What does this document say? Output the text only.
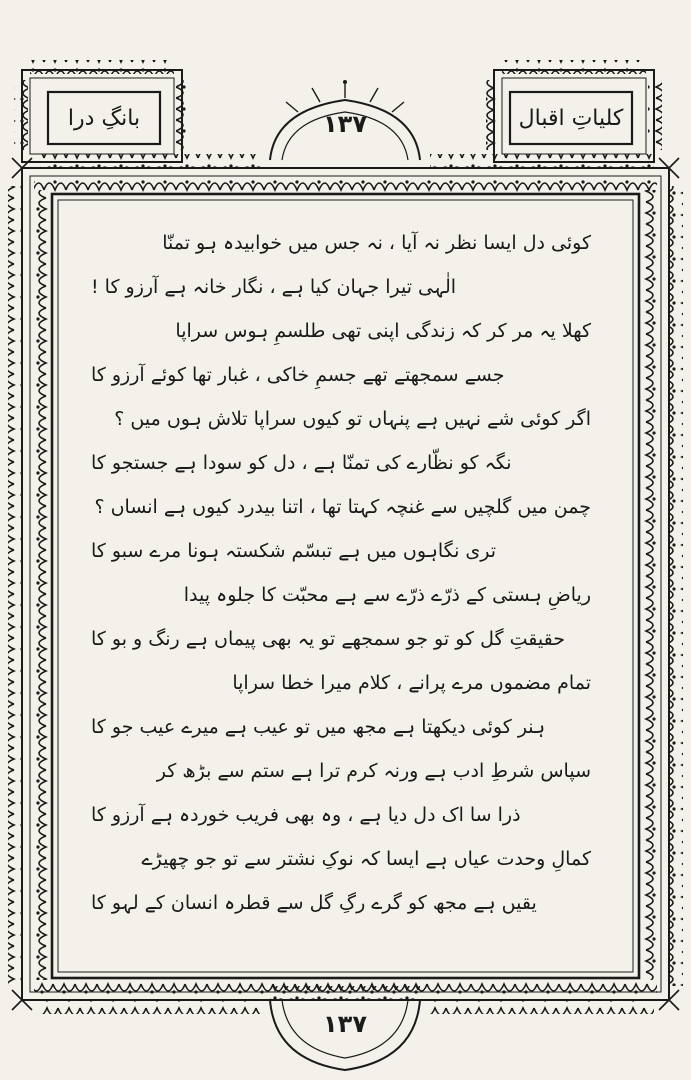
بانگِ درا	کلیاتِ اقبال
۱۳۷
کوئی دل ایسا نظر نہ آیا ، نہ جس میں خوابیدہ ہو تمنّا
الٰہی تیرا جہان کیا ہے ، نگار خانہ ہے آرزو کا !
کھلا یہ مر کر کہ زندگی اپنی تھی طلسمِ ہوس سراپا
جسے سمجھتے تھے جسمِ خاکی ، غبار تھا کوئے آرزو کا
اگر کوئی شے نہیں ہے پنہاں تو کیوں سراپا تلاش ہوں میں ؟
نگہ کو نظّارے کی تمنّا ہے ، دل کو سودا ہے جستجو کا
چمن میں گلچیں سے غنچہ کہتا تھا ، اتنا بیدرد کیوں ہے انساں ؟
تری نگاہوں میں ہے تبسّم شکستہ ہونا مرے سبو کا
ریاضِ ہستی کے ذرّے ذرّے سے ہے محبّت کا جلوہ پیدا
حقیقتِ گل کو تو جو سمجھے تو یہ بھی پیماں ہے رنگ و بو کا
تمام مضموں مرے پرانے ، کلام میرا خطا سراپا
ہنر کوئی دیکھتا ہے مجھ میں تو عیب ہے میرے عیب جو کا
سپاس شرطِ ادب ہے ورنہ کرم ترا ہے ستم سے بڑھ کر
ذرا سا اک دل دیا ہے ، وہ بھی فریب خوردہ ہے آرزو کا
کمالِ وحدت عیاں ہے ایسا کہ نوکِ نشتر سے تو جو چھیڑے
یقیں ہے مجھ کو گرے رگِ گل سے قطرہ انسان کے لہو کا
۱۳۷
